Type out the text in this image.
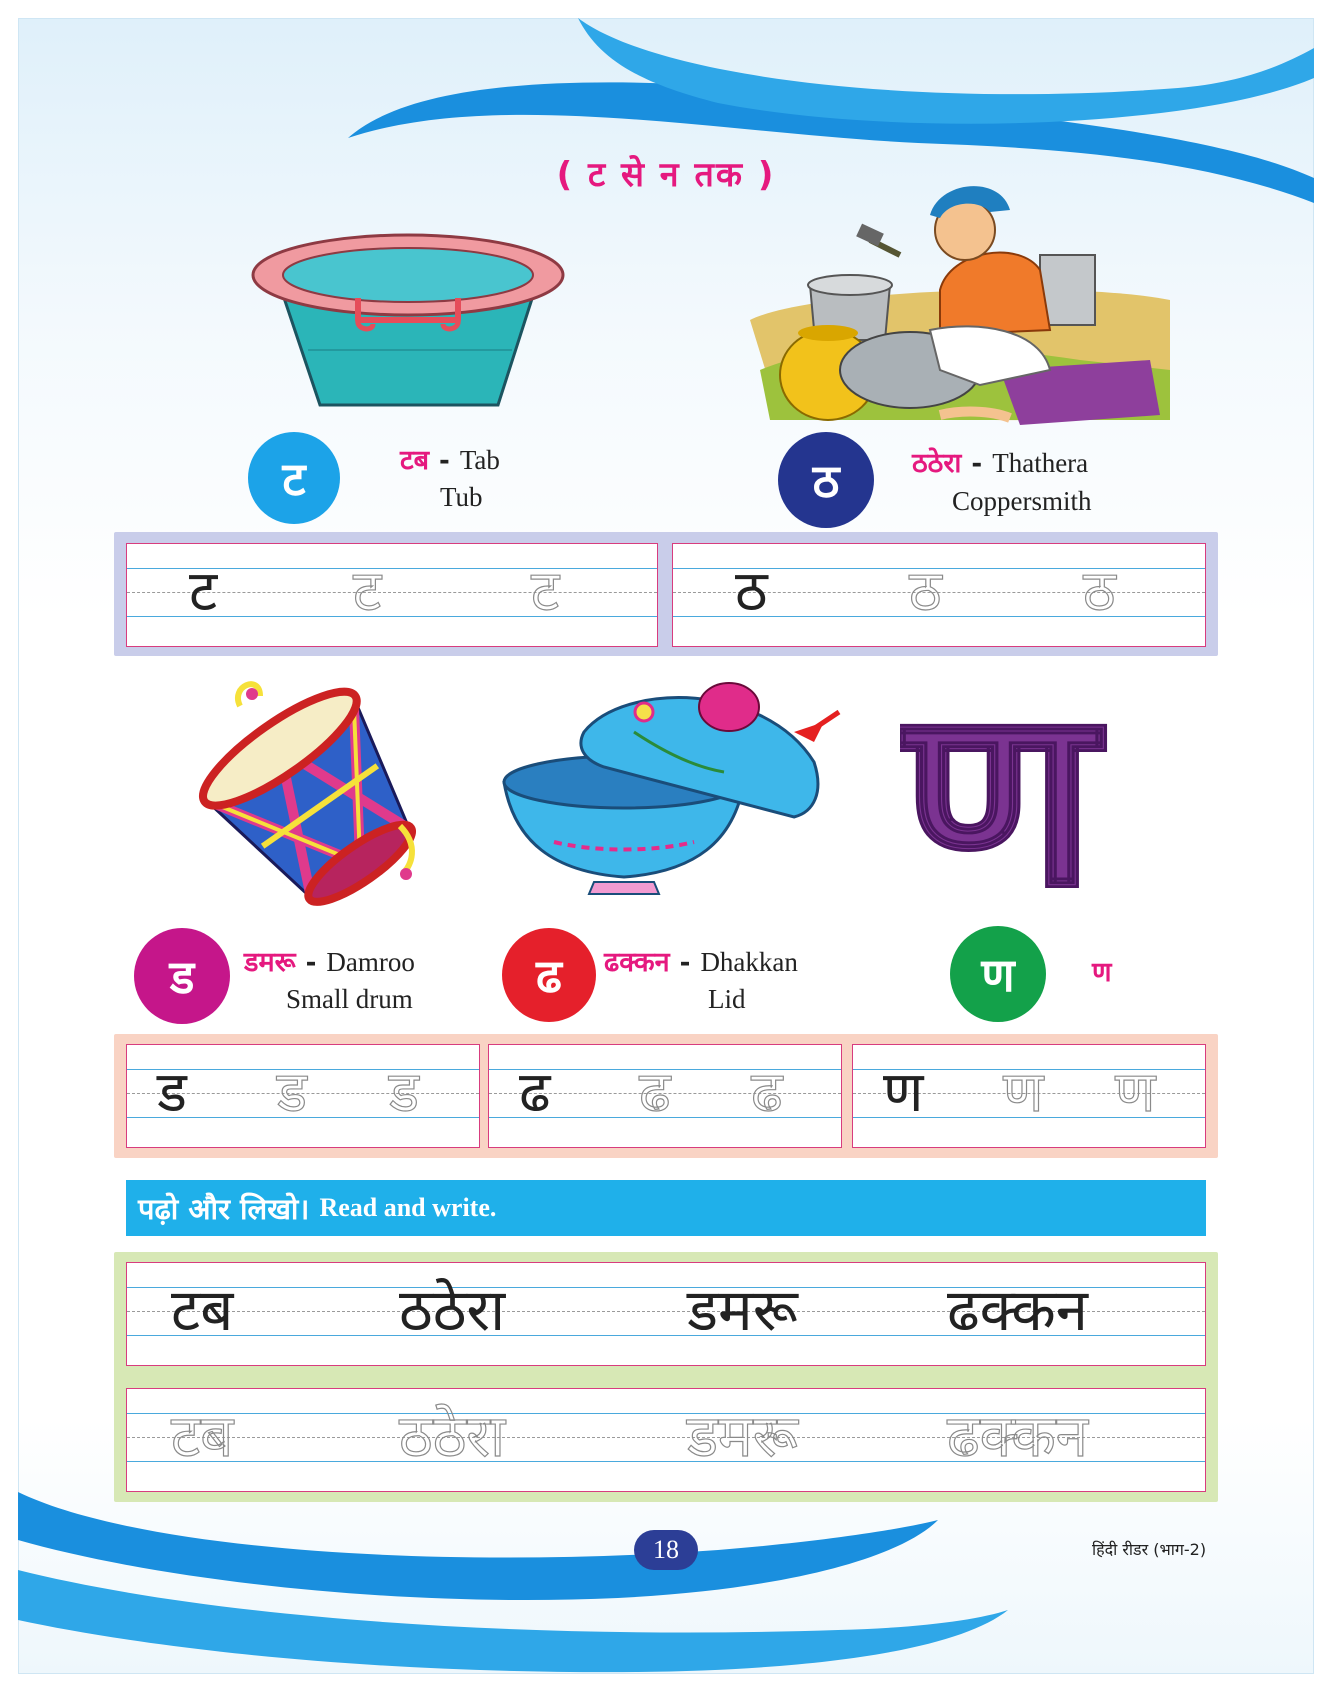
( ट से न तक )
ट	टब - Tab
Tub	ठ	ठठेरा - Thathera
Coppersmith
ट ट	ट	ठ	ठ	ठ
ण
ड डमरू - Damroo
Small drum	ढ ढक्कन - Dhakkan
Lid	ण	ण
ड ड ड ढ ढ ढ ण ण ण
पढ़ो और लिखो। Read and write.
टब	ठठेरा	डमरू	ढक्कन
टब	ठठेरा	डमरू	ढक्कन
18	हिंदी रीडर (भाग-2)
